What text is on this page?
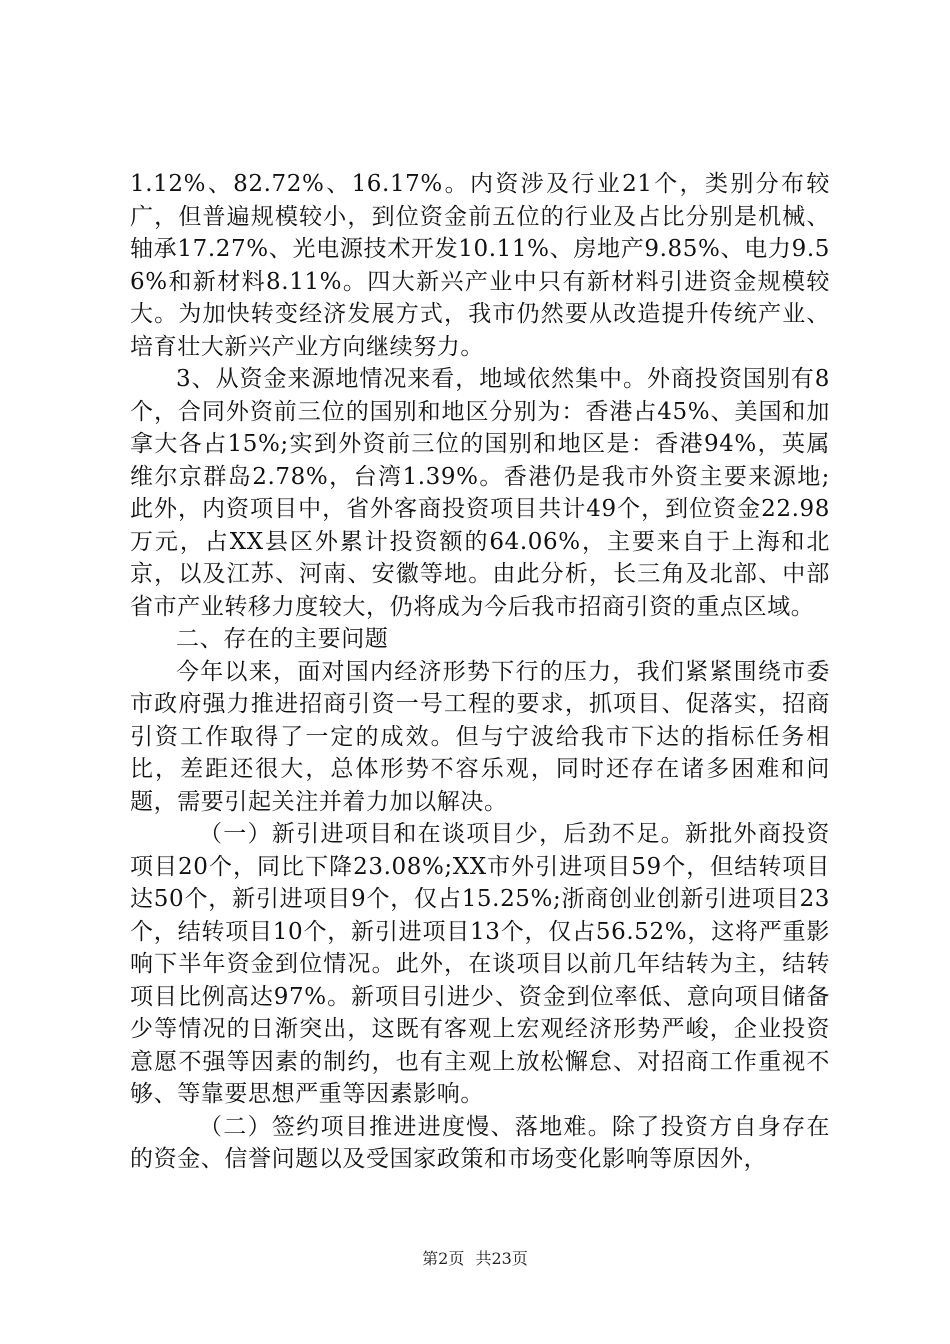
1.12%、82.72%、16.17%。内资涉及行业21个，类别分布较广，但普遍规模较小，到位资金前五位的行业及占比分别是机械、轴承17.27%、光电源技术开发10.11%、房地产9.85%、电力9.56%和新材料8.11%。四大新兴产业中只有新材料引进资金规模较大。为加快转变经济发展方式，我市仍然要从改造提升传统产业、培育壮大新兴产业方向继续努力。

3、从资金来源地情况来看，地域依然集中。外商投资国别有8个，合同外资前三位的国别和地区分别为：香港占45%、美国和加拿大各占15%;实到外资前三位的国别和地区是：香港94%，英属维尔京群岛2.78%，台湾1.39%。香港仍是我市外资主要来源地;此外，内资项目中，省外客商投资项目共计49个，到位资金22.98万元，占XX县区外累计投资额的64.06%，主要来自于上海和北京，以及江苏、河南、安徽等地。由此分析，长三角及北部、中部省市产业转移力度较大，仍将成为今后我市招商引资的重点区域。

二、存在的主要问题

今年以来，面对国内经济形势下行的压力，我们紧紧围绕市委市政府强力推进招商引资一号工程的要求，抓项目、促落实，招商引资工作取得了一定的成效。但与宁波给我市下达的指标任务相比，差距还很大，总体形势不容乐观，同时还存在诸多困难和问题，需要引起关注并着力加以解决。

（一）新引进项目和在谈项目少，后劲不足。新批外商投资项目20个，同比下降23.08%;XX市外引进项目59个，但结转项目达50个，新引进项目9个，仅占15.25%;浙商创业创新引进项目23个，结转项目10个，新引进项目13个，仅占56.52%，这将严重影响下半年资金到位情况。此外，在谈项目以前几年结转为主，结转项目比例高达97%。新项目引进少、资金到位率低、意向项目储备少等情况的日渐突出，这既有客观上宏观经济形势严峻，企业投资意愿不强等因素的制约，也有主观上放松懈怠、对招商工作重视不够、等靠要思想严重等因素影响。

（二）签约项目推进进度慢、落地难。除了投资方自身存在的资金、信誉问题以及受国家政策和市场变化影响等原因外，

第2页 共23页
